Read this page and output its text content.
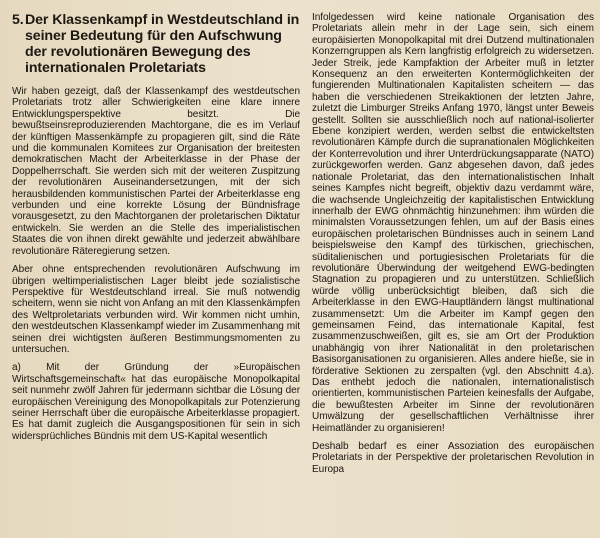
5. Der Klassenkampf in Westdeutschland in seiner Bedeutung für den Aufschwung der revolutionären Bewegung des internationalen Proletariats

Wir haben gezeigt, daß der Klassenkampf des westdeutschen Proletariats trotz aller Schwierigkeiten eine klare innere Entwicklungsperspektive besitzt. Die bewußtseinsreproduzierenden Machtorgane, die es im Verlauf der künftigen Massenkämpfe zu propagieren gilt, sind die Räte und die kommunalen Komitees zur Organisation der breitesten demokratischen Macht der Arbeiterklasse in der Phase der Doppelherrschaft. Sie werden sich mit der weiteren Zuspitzung der revolutionären Auseinandersetzungen, mit der sich herausbildenden kommunistischen Partei der Arbeiterklasse eng verbunden und eine korrekte Lösung der Bündnisfrage vorausgesetzt, zu den Machtorganen der proletarischen Diktatur entwickeln. Sie werden an die Stelle des imperialistischen Staates die von ihnen direkt gewählte und jederzeit abwählbare revolutionäre Räteregierung setzen.

Aber ohne entsprechenden revolutionären Aufschwung im übrigen weltimperialistischen Lager bleibt jede sozialistische Perspektive für Westdeutschland irreal. Sie muß notwendig scheitern, wenn sie nicht von Anfang an mit den Klassenkämpfen des Weltproletariats verbunden wird. Wir kommen nicht umhin, den westdeutschen Klassenkampf wieder im Zusammenhang mit seinen drei wichtigsten äußeren Bestimmungsmomenten zu untersuchen.

a) Mit der Gründung der »Europäischen Wirtschaftsgemeinschaft« hat das europäische Monopolkapital seit nunmehr zwölf Jahren für jedermann sichtbar die Lösung der europäischen Vereinigung des Monopolkapitals zur Potenzierung seiner Herrschaft über die europäische Arbeiterklasse propagiert. Es hat damit zugleich die Ausgangspositionen für sein in sich widersprüchliches Bündnis mit dem US-Kapital wesentlich

Infolgedessen wird keine nationale Organisation des Proletariats allein mehr in der Lage sein, sich einem europäisierten Monopolkapital mit drei Dutzend multinationalen Konzerngruppen als Kern langfristig erfolgreich zu widersetzen. Jeder Streik, jede Kampfaktion der Arbeiter muß in letzter Konsequenz an den erweiterten Kontermöglichkeiten der fungierenden Multinationalen Kapitalisten scheitern — das haben die verschiedenen Streikaktionen der letzten Jahre, zuletzt die Limburger Streiks Anfang 1970, längst unter Beweis gestellt. Sollten sie ausschließlich noch auf national-isolierter Ebene konzipiert werden, werden selbst die entwickeltsten revolutionären Kämpfe durch die supranationalen Möglichkeiten der Konterrevolution und ihrer Unterdrückungsapparate (NATO) zurückgeworfen werden. Ganz abgesehen davon, daß jedes nationale Proletariat, das den internationalistischen Inhalt seines Kampfes nicht begreift, objektiv dazu verdammt wäre, die wachsende Ungleichzeitig der kapitalistischen Entwicklung innerhalb der EWG ohnmächtig hinzunehmen: ihm würden die minimalsten Voraussetzungen fehlen, um auf der Basis eines europäischen proletarischen Bündnisses auch in seinem Land beispielsweise den Kampf des türkischen, griechischen, süditalienischen und portugiesischen Proletariats für die revolutionäre Überwindung der weitgehend EWG-bedingten Stagnation zu propagieren und zu unterstützen. Schließlich würde völlig unberücksichtigt bleiben, daß sich die Arbeiterklasse in den EWG-Hauptländern längst multinational zusammensetzt: Um die Arbeiter im Kampf gegen den gemeinsamen Feind, das internationale Kapital, fest zusammenzuschweißen, gilt es, sie am Ort der Produktion unabhängig von ihrer Nationalität in den proletarischen Basisorganisationen zu organisieren. Alles andere hieße, sie in förderative Sektionen zu zerspalten (vgl. den Abschnitt 4.a). Das enthebt jedoch die nationalen, internationalistisch orientierten, kommunistischen Parteien keinesfalls der Aufgabe, die bewußtesten Arbeiter im Sinne der revolutionären Umwälzung der gesellschaftlichen Verhältnisse ihrer Heimatländer zu organisieren!

Deshalb bedarf es einer Assoziation des europäischen Proletariats in der Perspektive der proletarischen Revolution in Europa
